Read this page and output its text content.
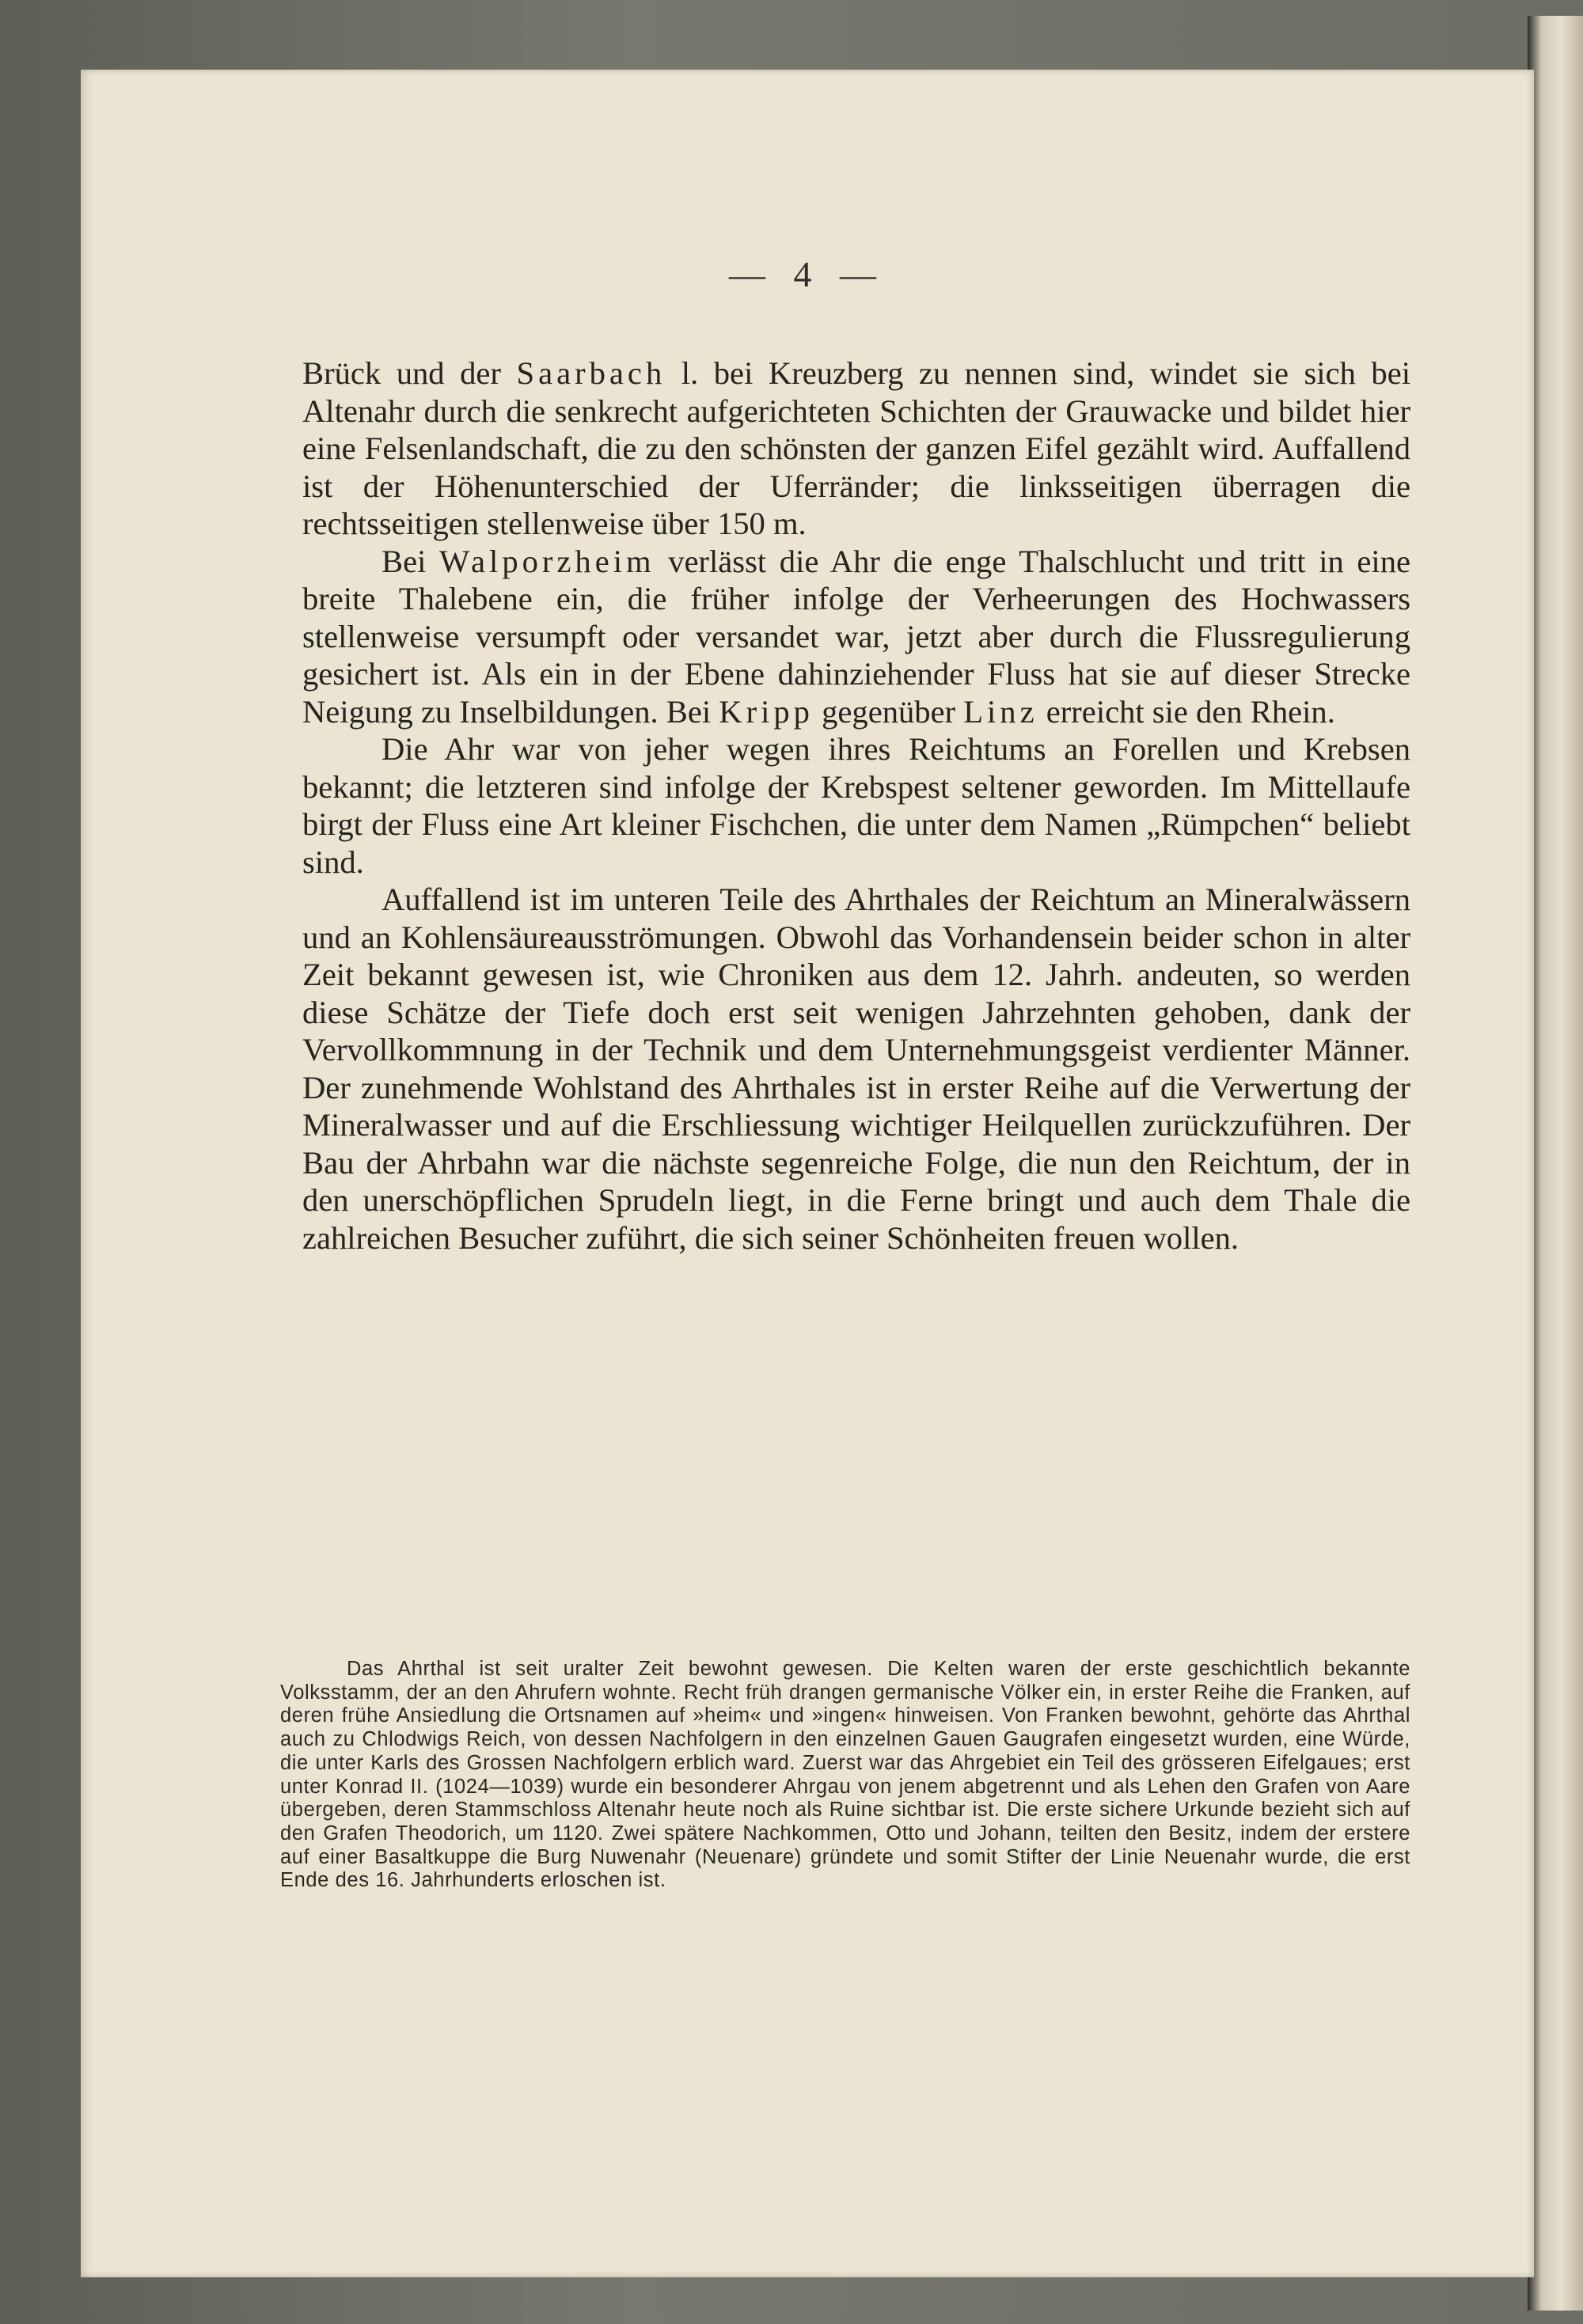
— 4 —

Brück und der Saarbach l. bei Kreuzberg zu nennen sind, windet sie sich bei Altenahr durch die senkrecht aufgerichteten Schichten der Grauwacke und bildet hier eine Felsenlandschaft, die zu den schönsten der ganzen Eifel gezählt wird. Auffallend ist der Höhenunterschied der Uferränder; die linksseitigen überragen die rechtsseitigen stellenweise über 150 m.

Bei Walporzheim verlässt die Ahr die enge Thalschlucht und tritt in eine breite Thalebene ein, die früher infolge der Verheerungen des Hochwassers stellenweise versumpft oder versandet war, jetzt aber durch die Flussregulierung gesichert ist. Als ein in der Ebene dahinziehender Fluss hat sie auf dieser Strecke Neigung zu Inselbildungen. Bei Kripp gegenüber Linz erreicht sie den Rhein.

Die Ahr war von jeher wegen ihres Reichtums an Forellen und Krebsen bekannt; die letzteren sind infolge der Krebspest seltener geworden. Im Mittellaufe birgt der Fluss eine Art kleiner Fischchen, die unter dem Namen „Rümpchen“ beliebt sind.

Auffallend ist im unteren Teile des Ahrthales der Reichtum an Mineralwässern und an Kohlensäureausströmungen. Obwohl das Vorhandensein beider schon in alter Zeit bekannt gewesen ist, wie Chroniken aus dem 12. Jahrh. andeuten, so werden diese Schätze der Tiefe doch erst seit wenigen Jahrzehnten gehoben, dank der Vervollkommnung in der Technik und dem Unternehmungsgeist verdienter Männer. Der zunehmende Wohlstand des Ahrthales ist in erster Reihe auf die Verwertung der Mineralwasser und auf die Erschliessung wichtiger Heilquellen zurückzuführen. Der Bau der Ahrbahn war die nächste segenreiche Folge, die nun den Reichtum, der in den unerschöpflichen Sprudeln liegt, in die Ferne bringt und auch dem Thale die zahlreichen Besucher zuführt, die sich seiner Schönheiten freuen wollen.

Das Ahrthal ist seit uralter Zeit bewohnt gewesen. Die Kelten waren der erste geschichtlich bekannte Volksstamm, der an den Ahrufern wohnte. Recht früh drangen germanische Völker ein, in erster Reihe die Franken, auf deren frühe Ansiedlung die Ortsnamen auf »heim« und »ingen« hinweisen. Von Franken bewohnt, gehörte das Ahrthal auch zu Chlodwigs Reich, von dessen Nachfolgern in den einzelnen Gauen Gaugrafen eingesetzt wurden, eine Würde, die unter Karls des Grossen Nachfolgern erblich ward. Zuerst war das Ahrgebiet ein Teil des grösseren Eifelgaues; erst unter Konrad II. (1024—1039) wurde ein besonderer Ahrgau von jenem abgetrennt und als Lehen den Grafen von Aare übergeben, deren Stammschloss Altenahr heute noch als Ruine sichtbar ist. Die erste sichere Urkunde bezieht sich auf den Grafen Theodorich, um 1120. Zwei spätere Nachkommen, Otto und Johann, teilten den Besitz, indem der erstere auf einer Basaltkuppe die Burg Nuwenahr (Neuenare) gründete und somit Stifter der Linie Neuenahr wurde, die erst Ende des 16. Jahrhunderts erloschen ist.
